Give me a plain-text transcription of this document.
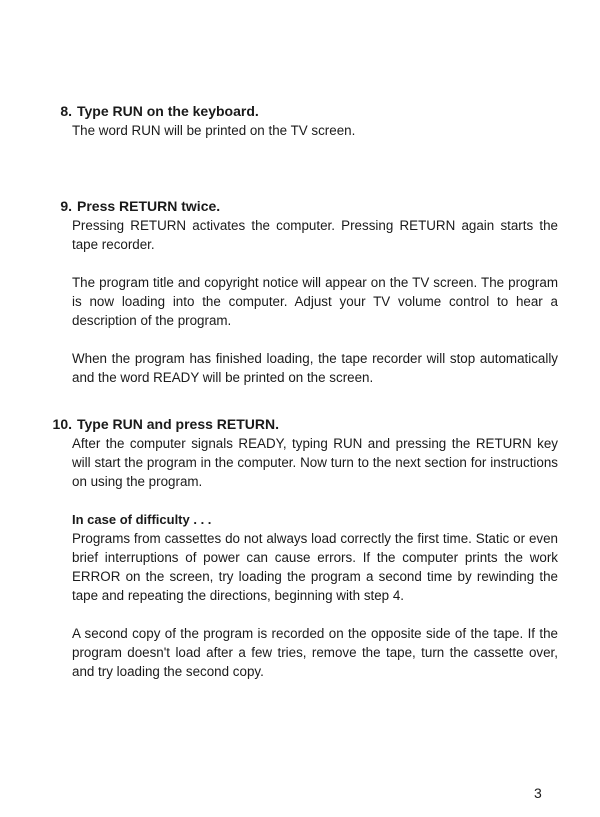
8. Type RUN on the keyboard.

The word RUN will be printed on the TV screen.

9. Press RETURN twice.

Pressing RETURN activates the computer. Pressing RETURN again starts the tape recorder.

The program title and copyright notice will appear on the TV screen. The program is now loading into the computer. Adjust your TV volume control to hear a description of the program.

When the program has finished loading, the tape recorder will stop automatically and the word READY will be printed on the screen.

10. Type RUN and press RETURN.

After the computer signals READY, typing RUN and pressing the RETURN key will start the program in the computer. Now turn to the next section for instructions on using the program.

In case of difficulty . . .

Programs from cassettes do not always load correctly the first time. Static or even brief interruptions of power can cause errors. If the computer prints the work ERROR on the screen, try loading the program a second time by rewinding the tape and repeating the directions, beginning with step 4.

A second copy of the program is recorded on the opposite side of the tape. If the program doesn't load after a few tries, remove the tape, turn the cassette over, and try loading the second copy.

3
